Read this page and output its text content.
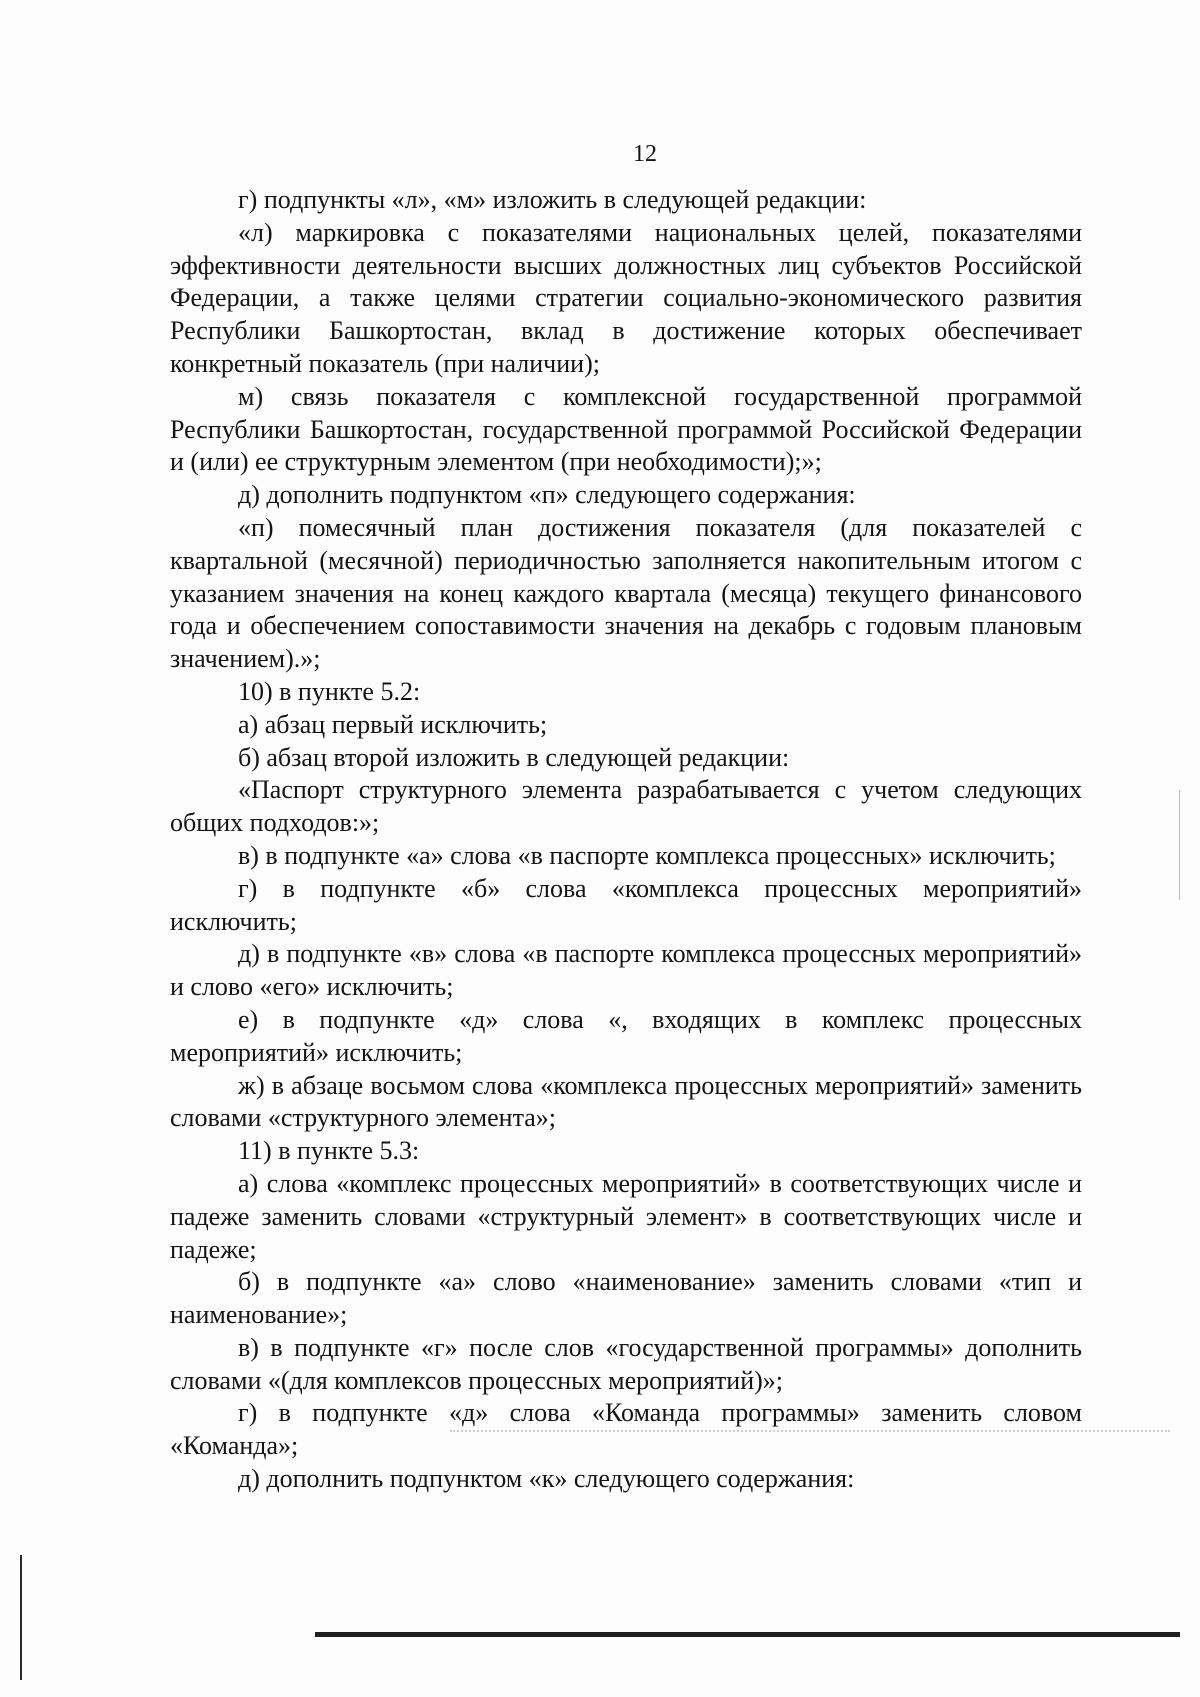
12

г) подпункты «л», «м» изложить в следующей редакции:

«л) маркировка с показателями национальных целей, показателями эффективности деятельности высших должностных лиц субъектов Российской Федерации, а также целями стратегии социально-экономического развития Республики Башкортостан, вклад в достижение которых обеспечивает конкретный показатель (при наличии);

м) связь показателя с комплексной государственной программой Республики Башкортостан, государственной программой Российской Федерации и (или) ее структурным элементом (при необходимости);»;

д) дополнить подпунктом «п» следующего содержания:

«п) помесячный план достижения показателя (для показателей с квартальной (месячной) периодичностью заполняется накопительным итогом с указанием значения на конец каждого квартала (месяца) текущего финансового года и обеспечением сопоставимости значения на декабрь с годовым плановым значением).»;

10) в пункте 5.2:

а) абзац первый исключить;

б) абзац второй изложить в следующей редакции:

«Паспорт структурного элемента разрабатывается с учетом следующих общих подходов:»;

в) в подпункте «а» слова «в паспорте комплекса процессных» исключить;

г) в подпункте «б» слова «комплекса процессных мероприятий» исключить;

д) в подпункте «в» слова «в паспорте комплекса процессных мероприятий» и слово «его» исключить;

е) в подпункте «д» слова «, входящих в комплекс процессных мероприятий» исключить;

ж) в абзаце восьмом слова «комплекса процессных мероприятий» заменить словами «структурного элемента»;

11) в пункте 5.3:

а) слова «комплекс процессных мероприятий» в соответствующих числе и падеже заменить словами «структурный элемент» в соответствующих числе и падеже;

б) в подпункте «а» слово «наименование» заменить словами «тип и наименование»;

в) в подпункте «г» после слов «государственной программы» дополнить словами «(для комплексов процессных мероприятий)»;

г) в подпункте «д» слова «Команда программы» заменить словом «Команда»;

д) дополнить подпунктом «к» следующего содержания:
